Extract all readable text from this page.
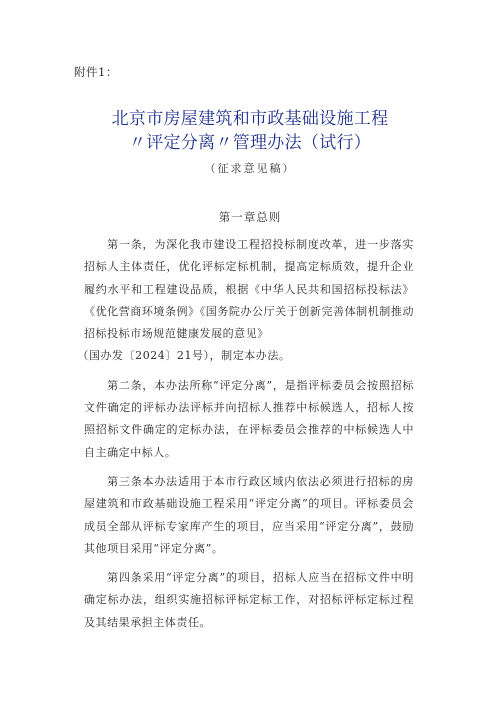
附件1：
北京市房屋建筑和市政基础设施工程
〃评定分离〃管理办法（试行）
（征求意见稿）
第一章总则

第一条，为深化我市建设工程招投标制度改革，进一步落实招标人主体责任，优化评标定标机制，提高定标质效，提升企业履约水平和工程建设品质，根据《中华人民共和国招标投标法》《优化营商环境条例》《国务院办公厅关于创新完善体制机制推动招标投标市场规范健康发展的意见》

（国办发〔2024〕21号），制定本办法。

第二条，本办法所称“评定分离”，是指评标委员会按照招标文件确定的评标办法评标并向招标人推荐中标候选人，招标人按照招标文件确定的定标办法，在评标委员会推荐的中标候选人中自主确定中标人。

第三条本办法适用于本市行政区域内依法必须进行招标的房屋建筑和市政基础设施工程采用“评定分离”的项目。评标委员会成员全部从评标专家库产生的项目，应当采用“评定分离”，鼓励其他项目采用“评定分离”。

第四条采用“评定分离”的项目，招标人应当在招标文件中明确定标办法，组织实施招标评标定标工作，对招标评标定标过程及其结果承担主体责任。
